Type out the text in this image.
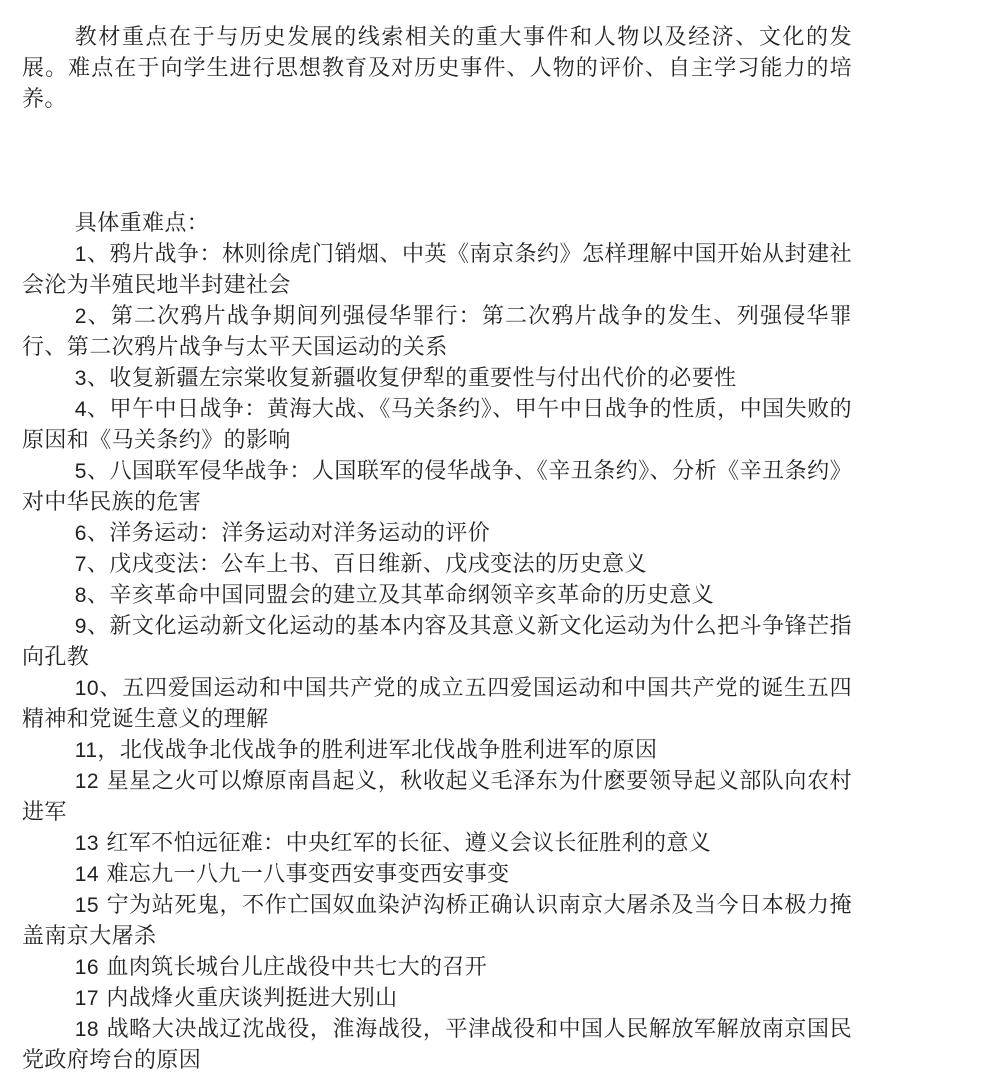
教材重点在于与历史发展的线索相关的重大事件和人物以及经济、文化的发展。难点在于向学生进行思想教育及对历史事件、人物的评价、自主学习能力的培养。

具体重难点：

1、鸦片战争：林则徐虎门销烟、中英《南京条约》怎样理解中国开始从封建社会沦为半殖民地半封建社会

2、第二次鸦片战争期间列强侵华罪行：第二次鸦片战争的发生、列强侵华罪行、第二次鸦片战争与太平天国运动的关系

3、收复新疆左宗棠收复新疆收复伊犁的重要性与付出代价的必要性

4、甲午中日战争：黄海大战、《马关条约》、甲午中日战争的性质，中国失败的原因和《马关条约》的影响

5、八国联军侵华战争：人国联军的侵华战争、《辛丑条约》、分析《辛丑条约》对中华民族的危害

6、洋务运动：洋务运动对洋务运动的评价

7、戊戌变法：公车上书、百日维新、戊戌变法的历史意义

8、辛亥革命中国同盟会的建立及其革命纲领辛亥革命的历史意义

9、新文化运动新文化运动的基本内容及其意义新文化运动为什么把斗争锋芒指向孔教

10、五四爱国运动和中国共产党的成立五四爱国运动和中国共产党的诞生五四精神和党诞生意义的理解

11，北伐战争北伐战争的胜利进军北伐战争胜利进军的原因

12 星星之火可以燎原南昌起义，秋收起义毛泽东为什麽要领导起义部队向农村进军

13 红军不怕远征难：中央红军的长征、遵义会议长征胜利的意义

14 难忘九一八九一八事变西安事变西安事变

15 宁为站死鬼，不作亡国奴血染泸沟桥正确认识南京大屠杀及当今日本极力掩盖南京大屠杀

16 血肉筑长城台儿庄战役中共七大的召开

17 内战烽火重庆谈判挺进大别山

18 战略大决战辽沈战役，淮海战役，平津战役和中国人民解放军解放南京国民党政府垮台的原因
